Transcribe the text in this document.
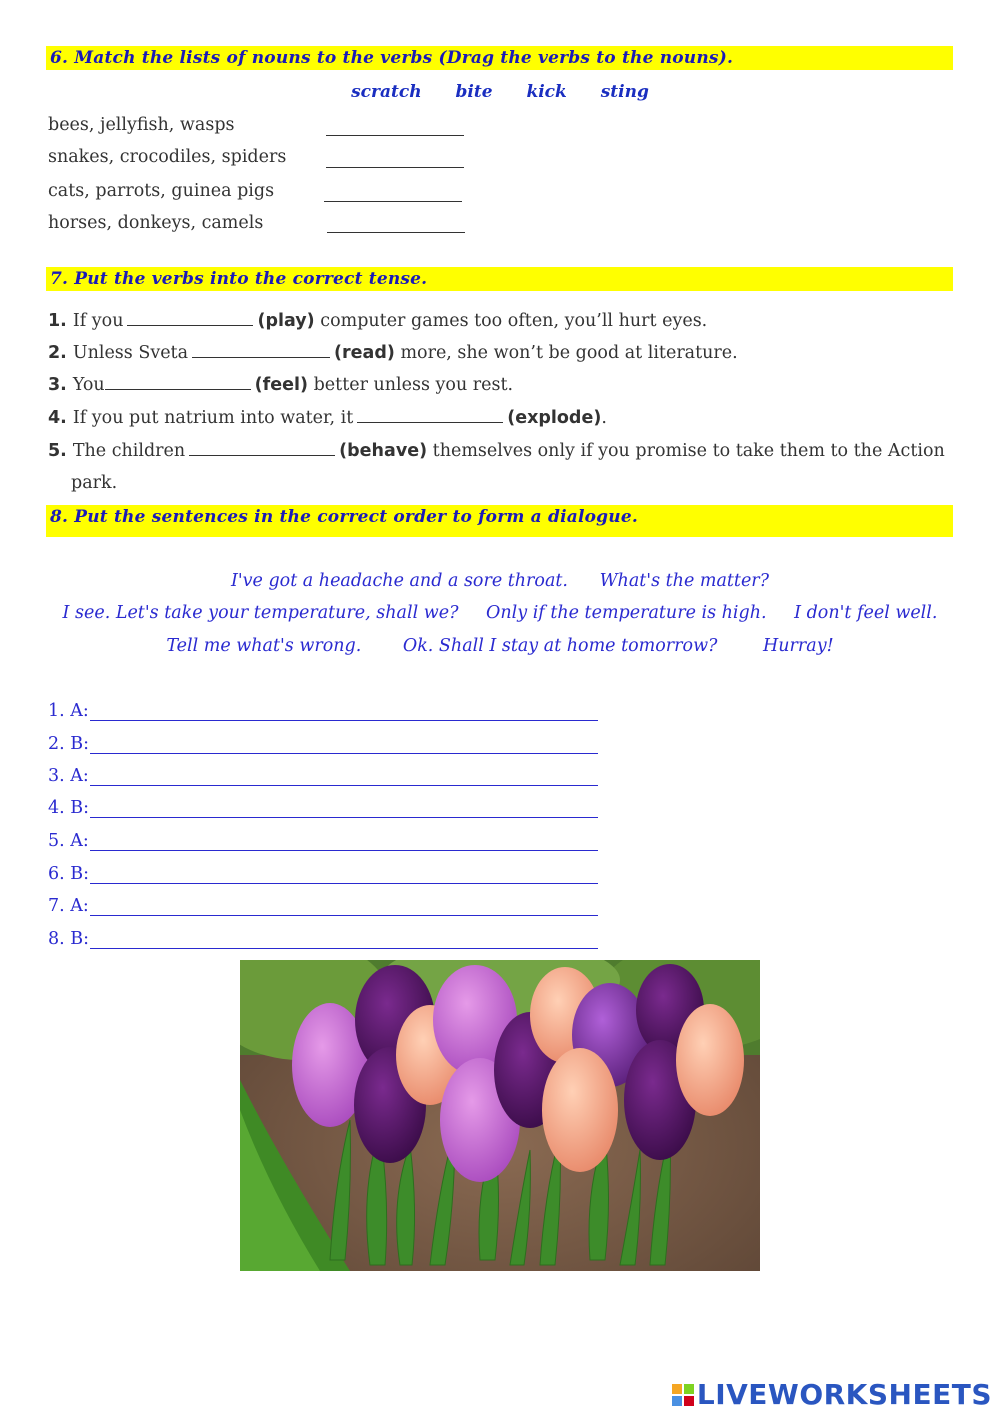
6. Match the lists of nouns to the verbs (Drag the verbs to the nouns).
scratch bite kick sting
bees, jellyfish, wasps
snakes, crocodiles, spiders
cats, parrots, guinea pigs
horses, donkeys, camels
7. Put the verbs into the correct tense.
1. If you	(play) computer games too often, you’ll hurt eyes.
2. Unless Sveta	(read) more, she won’t be good at literature.
3. You	(feel) better unless you rest.
4. If you put natrium into water, it	(explode).
5. The children	(behave) themselves only if you promise to take them to the Action
park.
8. Put the sentences in the correct order to form a dialogue.
I've got a headache and a sore throat. What's the matter?
I see. Let's take your temperature, shall we? Only if the temperature is high. I don't feel well.
Tell me what's wrong. Ok. Shall I stay at home tomorrow?	Hurray!
1. A:
2. B:
3. A:
4. B:
5. A:
6. B:
7. A:
8. B:
LIVEWORKSHEETS
